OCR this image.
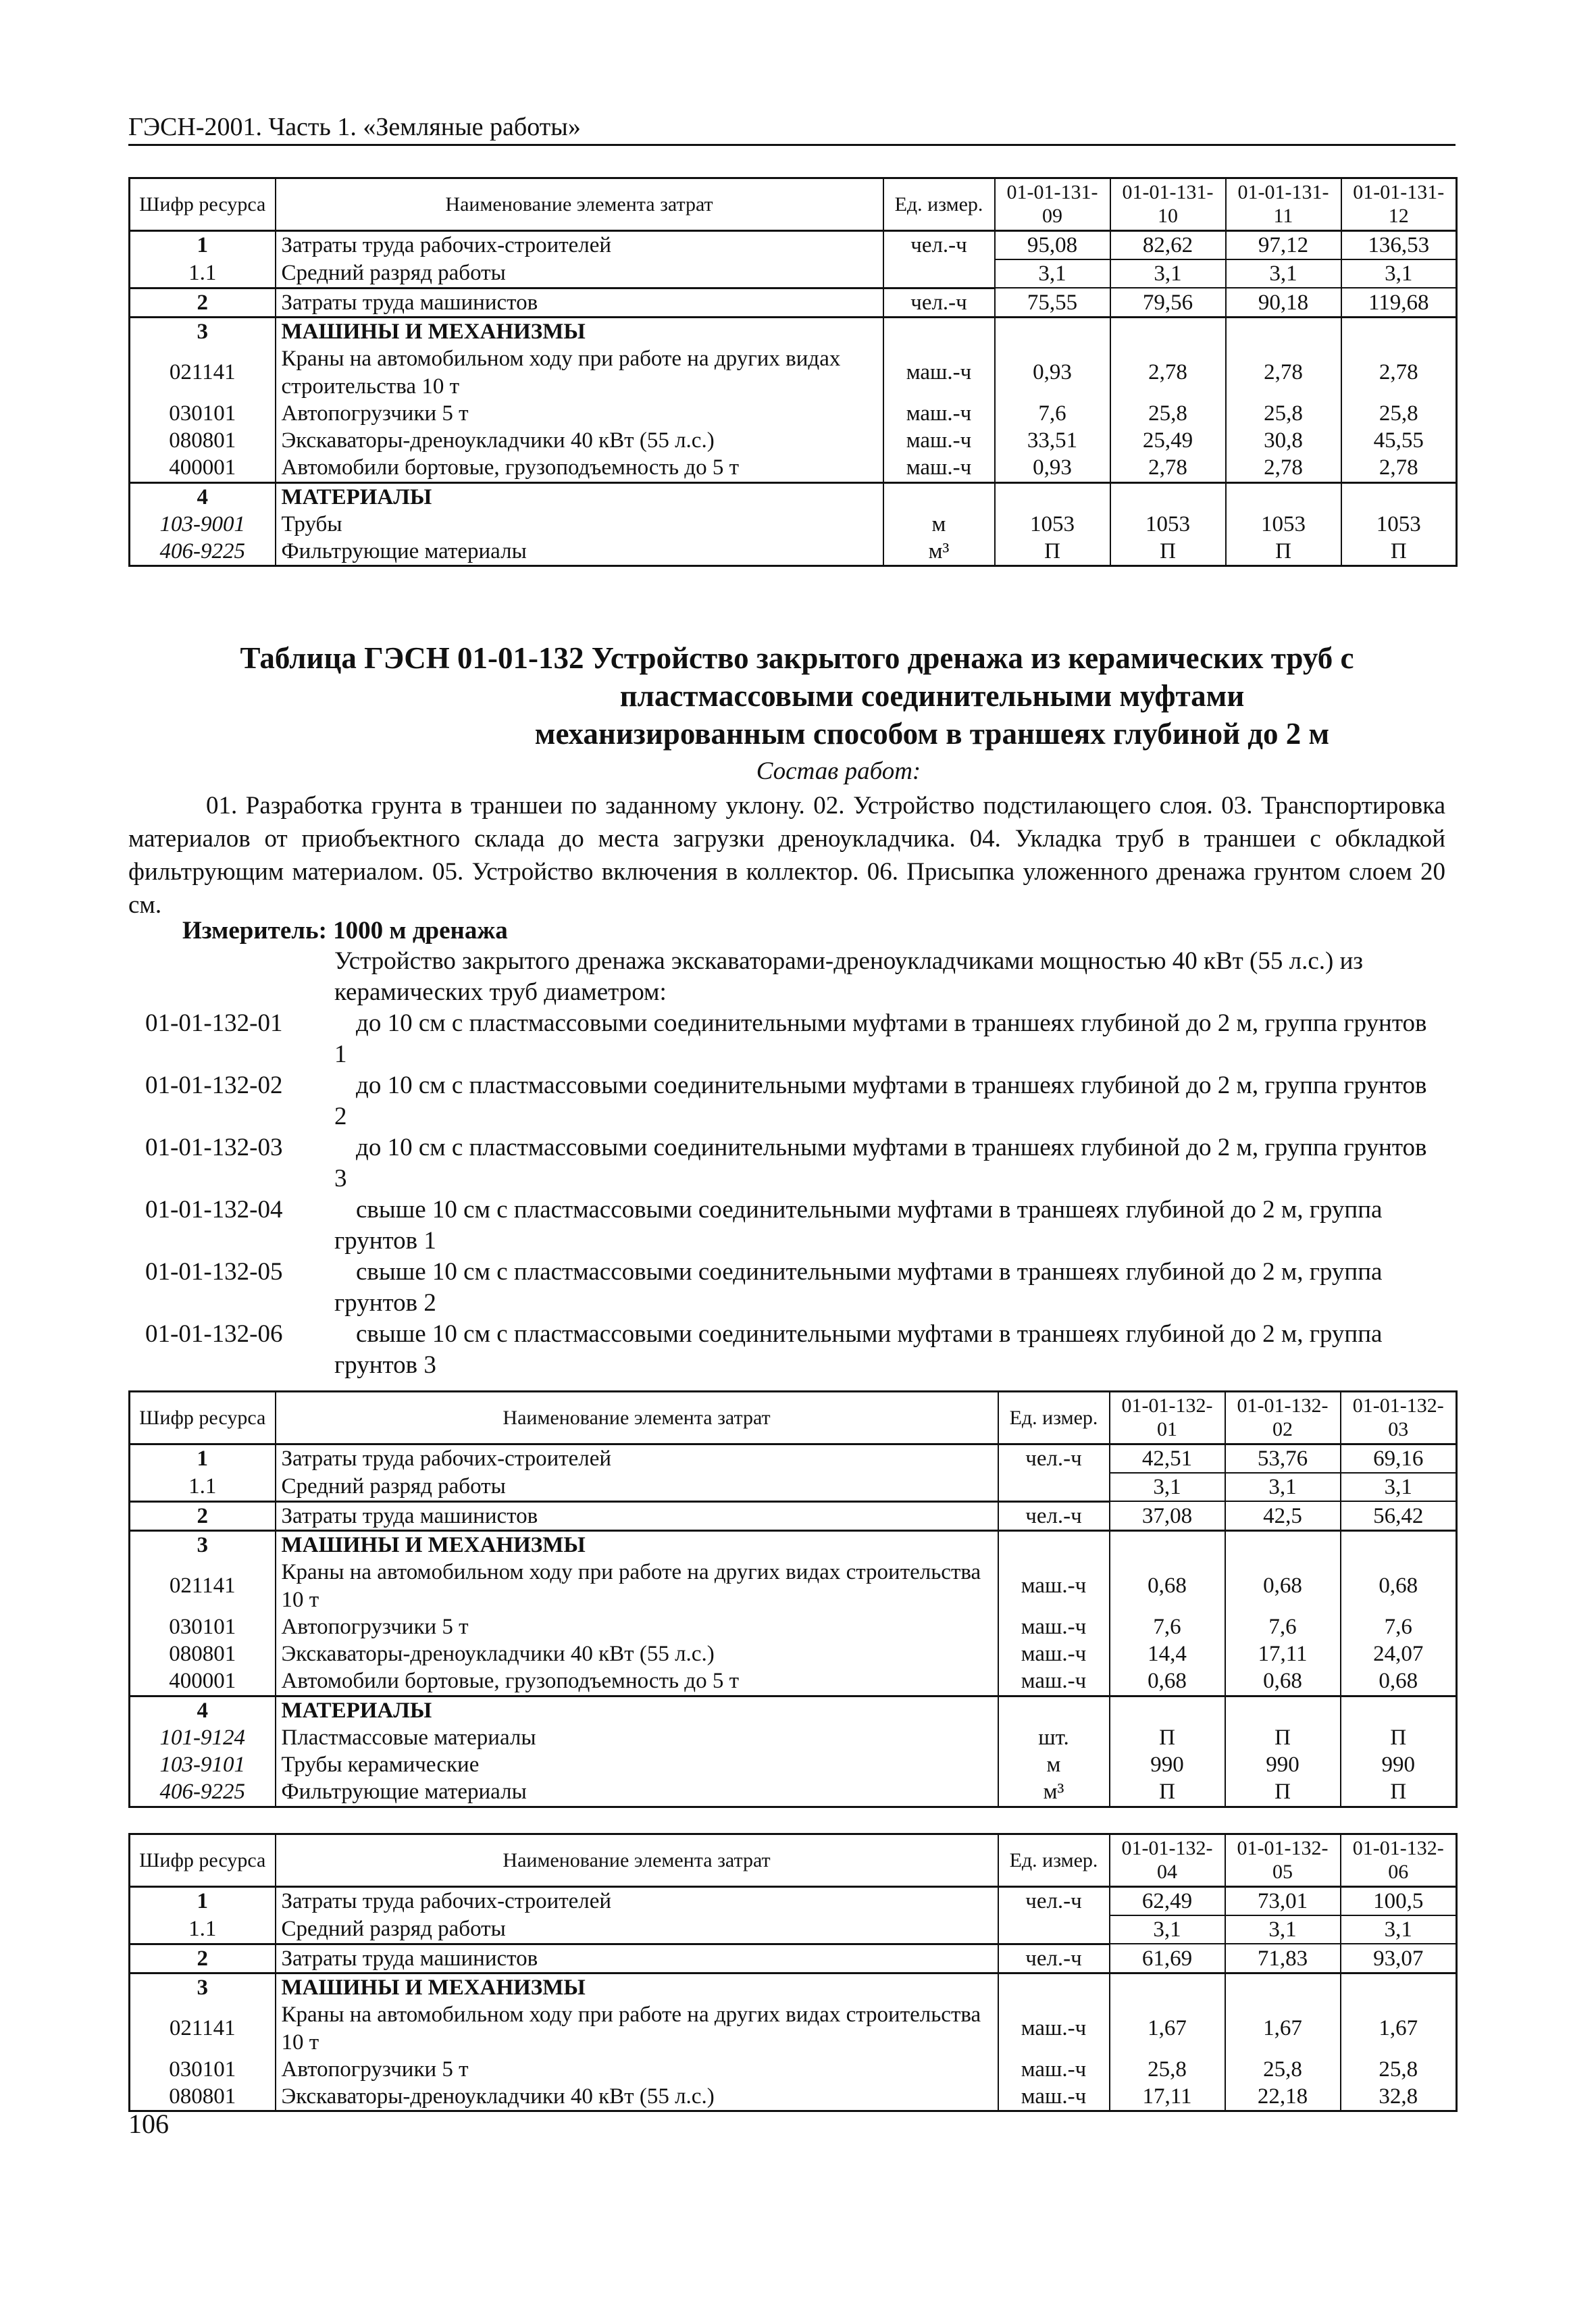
ГЭСН-2001. Часть 1. «Земляные работы»
Шифр ресурса	Наименование элемента затрат	Ед. измер.	01-01-131-09	01-01-131-10	01-01-131-11	01-01-131-12
1	Затраты труда рабочих-строителей	чел.-ч	95,08	82,62	97,12	136,53
1.1	Средний разряд работы		3,1	3,1	3,1	3,1
2	Затраты труда машинистов	чел.-ч	75,55	79,56	90,18	119,68
3	МАШИНЫ И МЕХАНИЗМЫ					
021141	Краны на автомобильном ходу при работе на других видах строительства 10 т	маш.-ч	0,93	2,78	2,78	2,78
030101	Автопогрузчики 5 т	маш.-ч	7,6	25,8	25,8	25,8
080801	Экскаваторы-дреноукладчики 40 кВт (55 л.с.)	маш.-ч	33,51	25,49	30,8	45,55
400001	Автомобили бортовые, грузоподъемность до 5 т	маш.-ч	0,93	2,78	2,78	2,78
4	МАТЕРИАЛЫ					
103-9001	Трубы	м	1053	1053	1053	1053
406-9225	Фильтрующие материалы	м³	П	П	П	П
Таблица ГЭСН 01-01-132 Устройство закрытого дренажа из керамических труб с
пластмассовыми соединительными муфтами
механизированным способом в траншеях глубиной до 2 м
Состав работ:
01. Разработка грунта в траншеи по заданному уклону. 02. Устройство подстилающего слоя. 03. Транспортировка материалов от приобъектного склада до места загрузки дреноукладчика. 04. Укладка труб в траншеи с обкладкой фильтрующим материалом. 05. Устройство включения в коллектор. 06. Присыпка уложенного дренажа грунтом слоем 20 см.
Измеритель: 1000 м дренажа
Устройство закрытого дренажа экскаваторами-дреноукладчиками мощностью 40 кВт (55 л.с.) из керамических труб диаметром:
01-01-132-01	до 10 см с пластмассовыми соединительными муфтами в траншеях глубиной до 2 м, группа грунтов 1
01-01-132-02	до 10 см с пластмассовыми соединительными муфтами в траншеях глубиной до 2 м, группа грунтов 2
01-01-132-03	до 10 см с пластмассовыми соединительными муфтами в траншеях глубиной до 2 м, группа грунтов 3
01-01-132-04	свыше 10 см с пластмассовыми соединительными муфтами в траншеях глубиной до 2 м, группа грунтов 1
01-01-132-05	свыше 10 см с пластмассовыми соединительными муфтами в траншеях глубиной до 2 м, группа грунтов 2
01-01-132-06	свыше 10 см с пластмассовыми соединительными муфтами в траншеях глубиной до 2 м, группа грунтов 3
Шифр ресурса	Наименование элемента затрат	Ед. измер.	01-01-132-01	01-01-132-02	01-01-132-03
1	Затраты труда рабочих-строителей	чел.-ч	42,51	53,76	69,16
1.1	Средний разряд работы		3,1	3,1	3,1
2	Затраты труда машинистов	чел.-ч	37,08	42,5	56,42
3	МАШИНЫ И МЕХАНИЗМЫ				
021141	Краны на автомобильном ходу при работе на других видах строительства 10 т	маш.-ч	0,68	0,68	0,68
030101	Автопогрузчики 5 т	маш.-ч	7,6	7,6	7,6
080801	Экскаваторы-дреноукладчики 40 кВт (55 л.с.)	маш.-ч	14,4	17,11	24,07
400001	Автомобили бортовые, грузоподъемность до 5 т	маш.-ч	0,68	0,68	0,68
4	МАТЕРИАЛЫ				
101-9124	Пластмассовые материалы	шт.	П	П	П
103-9101	Трубы керамические	м	990	990	990
406-9225	Фильтрующие материалы	м³	П	П	П
Шифр ресурса	Наименование элемента затрат	Ед. измер.	01-01-132-04	01-01-132-05	01-01-132-06
1	Затраты труда рабочих-строителей	чел.-ч	62,49	73,01	100,5
1.1	Средний разряд работы		3,1	3,1	3,1
2	Затраты труда машинистов	чел.-ч	61,69	71,83	93,07
3	МАШИНЫ И МЕХАНИЗМЫ				
021141	Краны на автомобильном ходу при работе на других видах строительства 10 т	маш.-ч	1,67	1,67	1,67
030101	Автопогрузчики 5 т	маш.-ч	25,8	25,8	25,8
080801	Экскаваторы-дреноукладчики 40 кВт (55 л.с.)	маш.-ч	17,11	22,18	32,8
106
